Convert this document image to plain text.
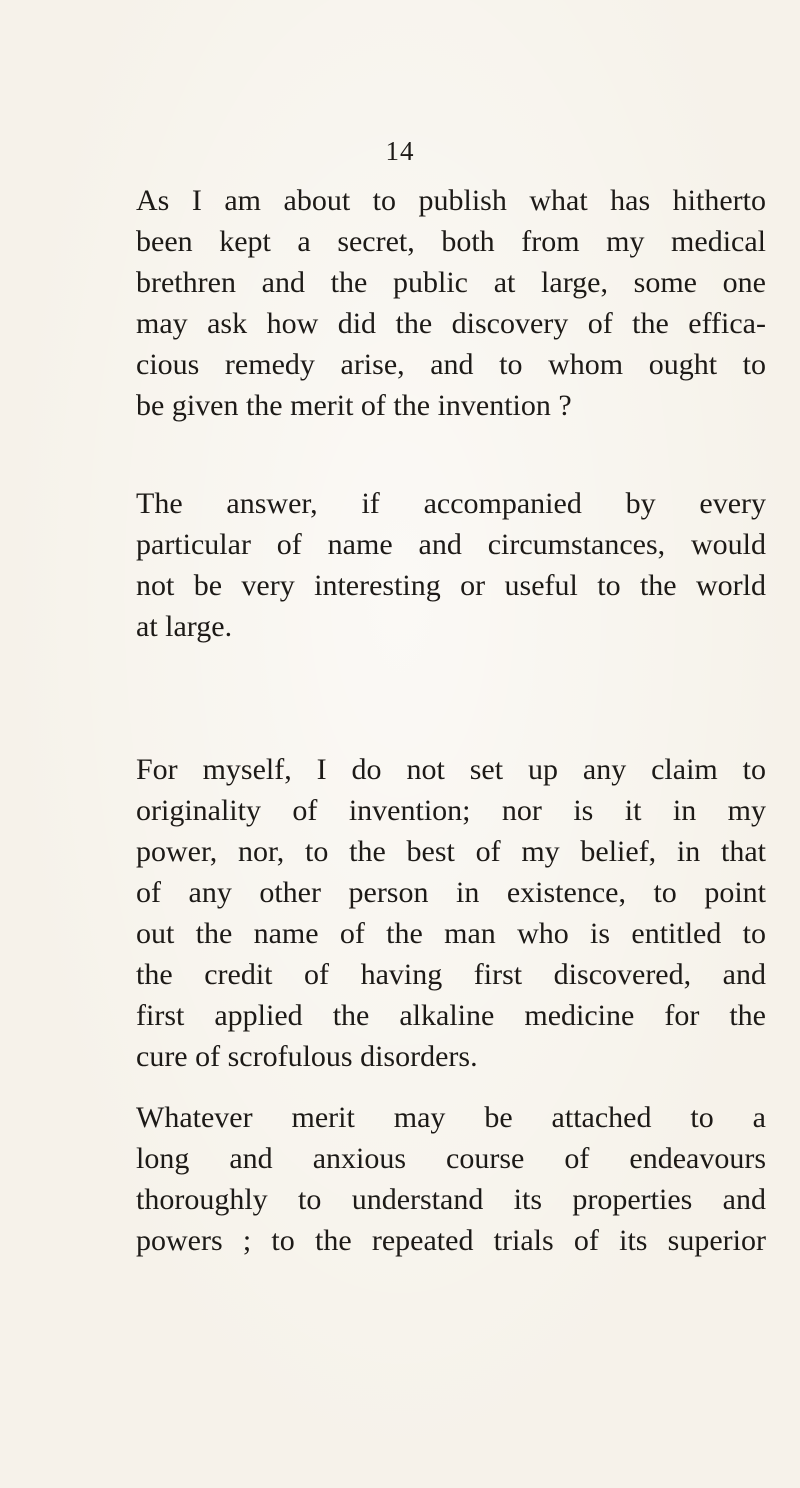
14
As I am about to publish what has hitherto
been kept a secret, both from my medical
brethren and the public at large, some one
may ask how did the discovery of the effica-
cious remedy arise, and to whom ought to
be given the merit of the invention ?
The answer, if accompanied by every
particular of name and circumstances, would
not be very interesting or useful to the world
at large.
For myself, I do not set up any claim to
originality of invention; nor is it in my
power, nor, to the best of my belief, in that
of any other person in existence, to point
out the name of the man who is entitled to
the credit of having first discovered, and
first applied the alkaline medicine for the
cure of scrofulous disorders.
Whatever merit may be attached to a
long and anxious course of endeavours
thoroughly to understand its properties and
powers ; to the repeated trials of its superior
